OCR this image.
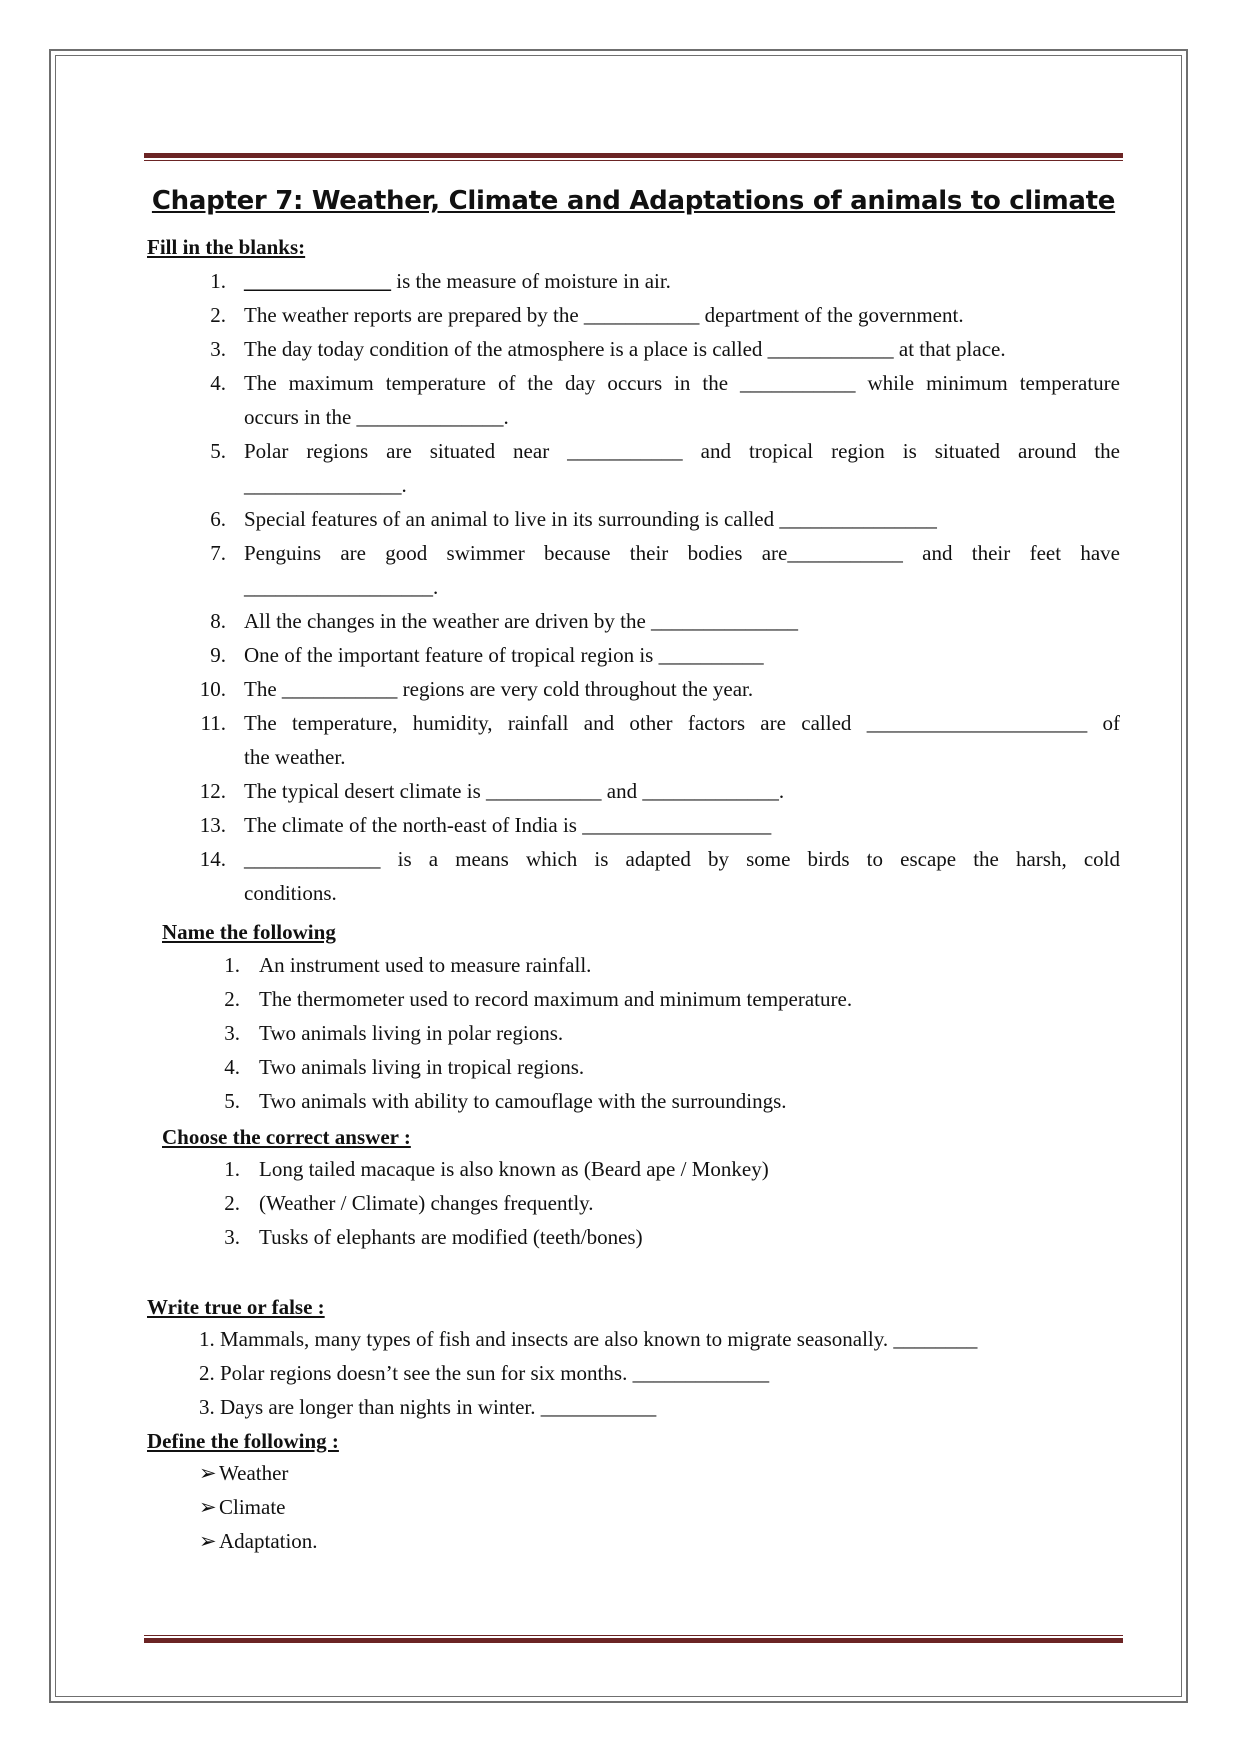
Chapter 7: Weather, Climate and Adaptations of animals to climate
Fill in the blanks:
1. ______________ is the measure of moisture in air.
2. The weather reports are prepared by the ___________ department of the government.
3. The day today condition of the atmosphere is a place is called ____________ at that place.
4. The maximum temperature of the day occurs in the ___________ while minimum temperature
occurs in the ______________.
5. Polar regions are situated near ___________ and tropical region is situated around the
_______________.
6. Special features of an animal to live in its surrounding is called _______________
7. Penguins are good swimmer because their bodies are___________ and their feet have
__________________.
8. All the changes in the weather are driven by the ______________
9. One of the important feature of tropical region is __________
10. The ___________ regions are very cold throughout the year.
11. The temperature, humidity, rainfall and other factors are called _____________________ of
the weather.
12. The typical desert climate is ___________ and _____________.
13. The climate of the north-east of India is __________________
14. _____________ is a means which is adapted by some birds to escape the harsh, cold
conditions.
Name the following
1. An instrument used to measure rainfall.
2. The thermometer used to record maximum and minimum temperature.
3. Two animals living in polar regions.
4. Two animals living in tropical regions.
5. Two animals with ability to camouflage with the surroundings.
Choose the correct answer :
1. Long tailed macaque is also known as (Beard ape / Monkey)
2. (Weather / Climate) changes frequently.
3. Tusks of elephants are modified (teeth/bones)
Write true or false :
1. Mammals, many types of fish and insects are also known to migrate seasonally. ________
2. Polar regions doesn’t see the sun for six months. _____________
3. Days are longer than nights in winter. ___________
Define the following :
➢ Weather
➢ Climate
➢ Adaptation.
